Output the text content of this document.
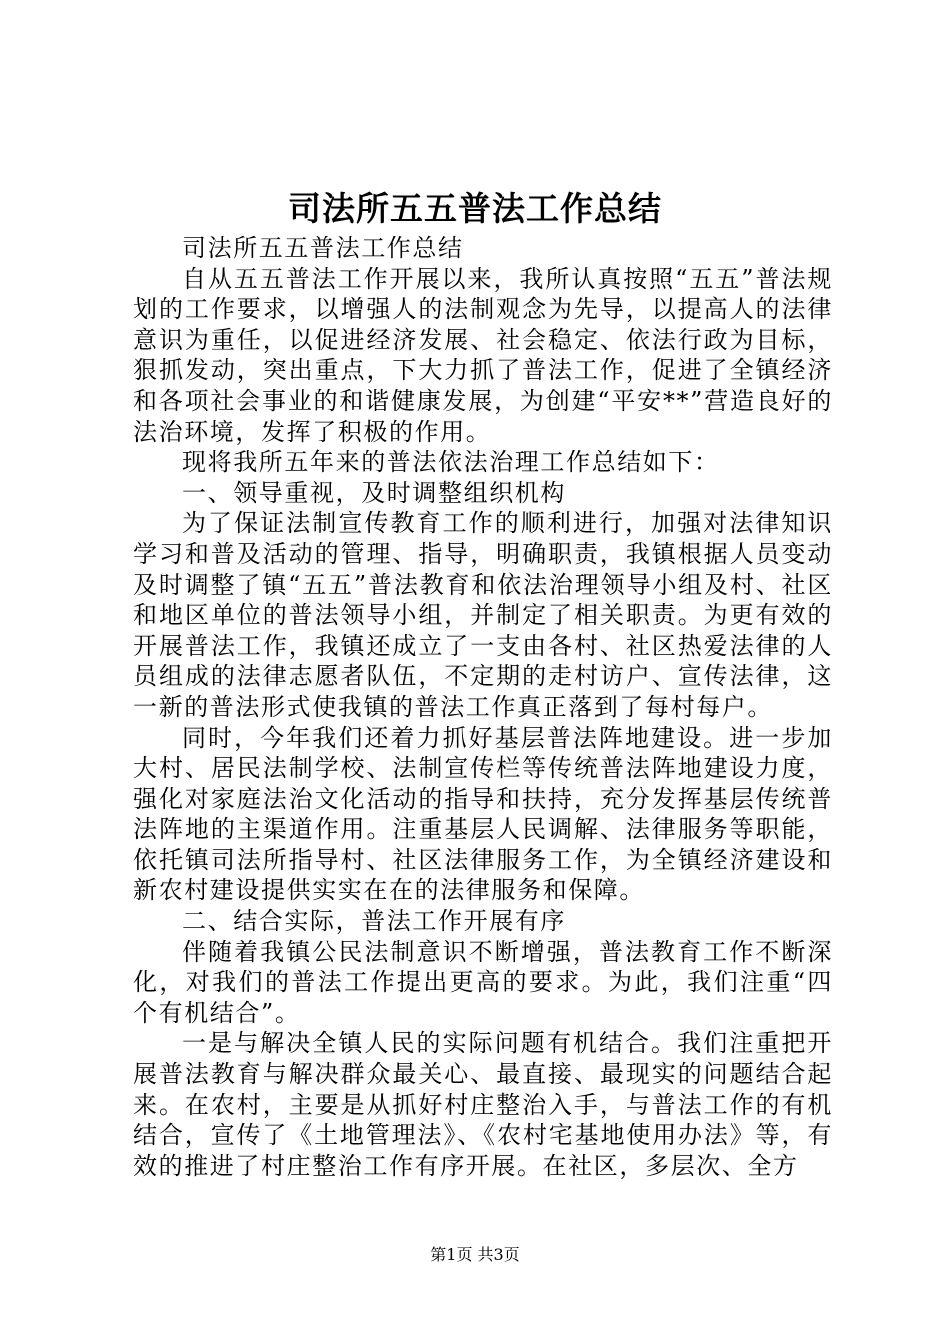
司法所五五普法工作总结

司法所五五普法工作总结

自从五五普法工作开展以来，我所认真按照“五五”普法规划的工作要求，以增强人的法制观念为先导，以提高人的法律意识为重任，以促进经济发展、社会稳定、依法行政为目标，狠抓发动，突出重点，下大力抓了普法工作，促进了全镇经济和各项社会事业的和谐健康发展，为创建“平安**”营造良好的法治环境，发挥了积极的作用。

现将我所五年来的普法依法治理工作总结如下：

一、领导重视，及时调整组织机构

为了保证法制宣传教育工作的顺利进行，加强对法律知识学习和普及活动的管理、指导，明确职责，我镇根据人员变动及时调整了镇“五五”普法教育和依法治理领导小组及村、社区和地区单位的普法领导小组，并制定了相关职责。为更有效的开展普法工作，我镇还成立了一支由各村、社区热爱法律的人员组成的法律志愿者队伍，不定期的走村访户、宣传法律，这一新的普法形式使我镇的普法工作真正落到了每村每户。

同时，今年我们还着力抓好基层普法阵地建设。进一步加大村、居民法制学校、法制宣传栏等传统普法阵地建设力度，强化对家庭法治文化活动的指导和扶持，充分发挥基层传统普法阵地的主渠道作用。注重基层人民调解、法律服务等职能，依托镇司法所指导村、社区法律服务工作，为全镇经济建设和新农村建设提供实实在在的法律服务和保障。

二、结合实际，普法工作开展有序

伴随着我镇公民法制意识不断增强，普法教育工作不断深化，对我们的普法工作提出更高的要求。为此，我们注重“四个有机结合”。

一是与解决全镇人民的实际问题有机结合。我们注重把开展普法教育与解决群众最关心、最直接、最现实的问题结合起来。在农村，主要是从抓好村庄整治入手，与普法工作的有机结合，宣传了《土地管理法》、《农村宅基地使用办法》等，有效的推进了村庄整治工作有序开展。在社区，多层次、全方

第1页 共3页
